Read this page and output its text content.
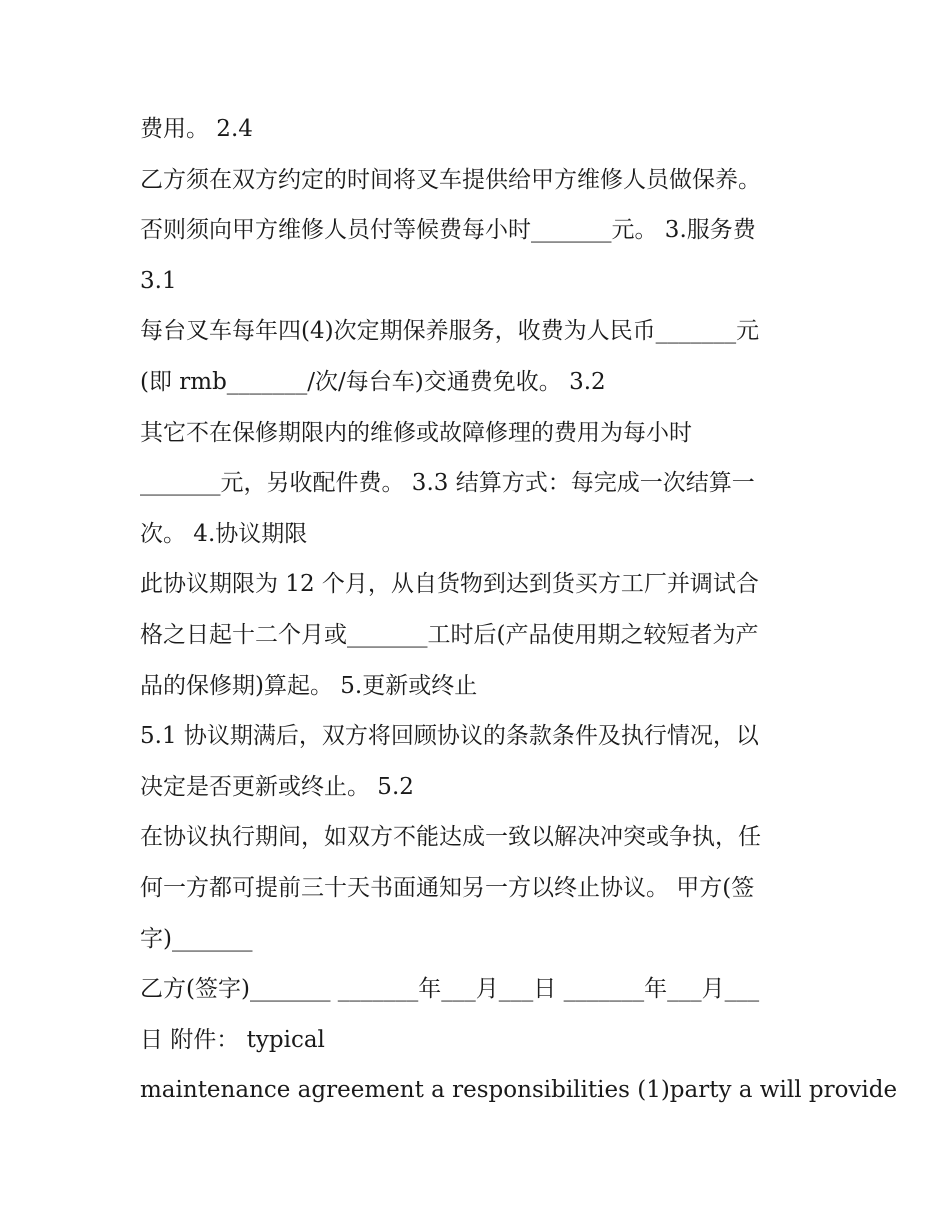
费用。 2.4
乙方须在双方约定的时间将叉车提供给甲方维修人员做保养。
否则须向甲方维修人员付等候费每小时_______元。 3.服务费
3.1
每台叉车每年四(4)次定期保养服务，收费为人民币_______元
(即 rmb_______/次/每台车)交通费免收。 3.2
其它不在保修期限内的维修或故障修理的费用为每小时
_______元，另收配件费。 3.3 结算方式：每完成一次结算一
次。 4.协议期限
此协议期限为 12 个月，从自货物到达到货买方工厂并调试合
格之日起十二个月或_______工时后(产品使用期之较短者为产
品的保修期)算起。 5.更新或终止
5.1 协议期满后，双方将回顾协议的条款条件及执行情况，以
决定是否更新或终止。 5.2
在协议执行期间，如双方不能达成一致以解决冲突或争执，任
何一方都可提前三十天书面通知另一方以终止协议。 甲方(签
字)_______
乙方(签字)_______ _______年___月___日 _______年___月___
日 附件： typical
maintenance agreement a responsibilities (1)party a will provide
